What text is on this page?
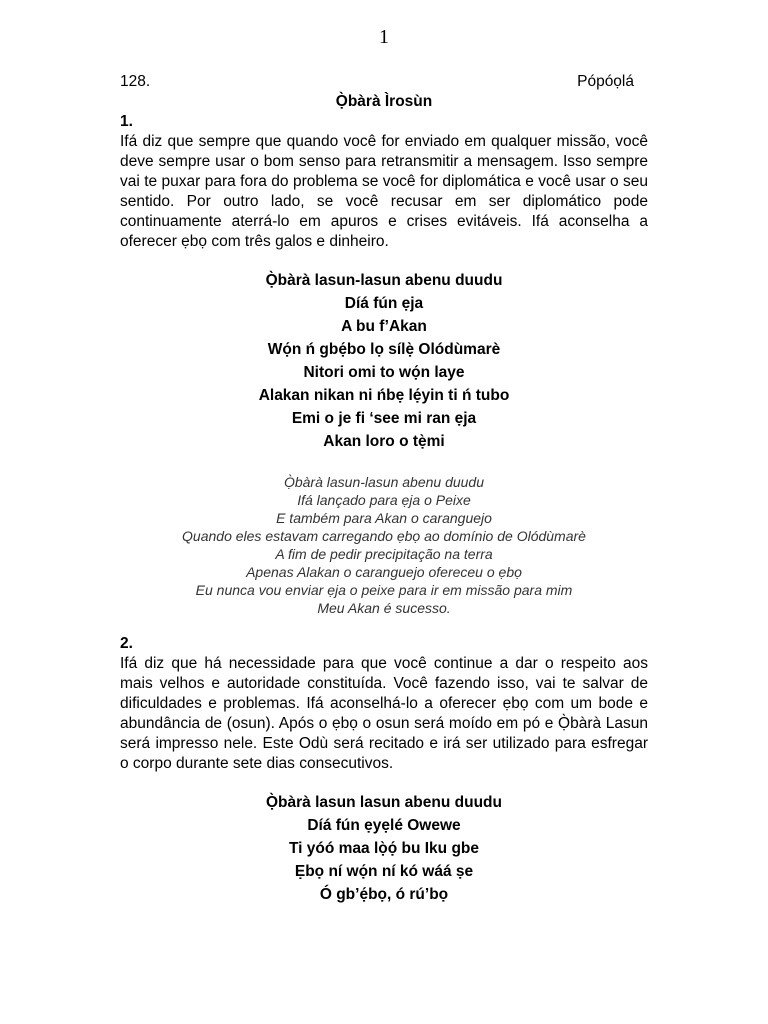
1
128.	Pópóọlá
Ọ̀bàrà Ìrosùn
1.

Ifá diz que sempre que quando você for enviado em qualquer missão, você deve sempre usar o bom senso para retransmitir a mensagem. Isso sempre vai te puxar para fora do problema se você for diplomática e você usar o seu sentido. Por outro lado, se você recusar em ser diplomático pode continuamente aterrá-lo em apuros e crises evitáveis. Ifá aconselha a oferecer ẹbọ com três galos e dinheiro.

Ọ̀bàrà lasun-lasun abenu duudu
Díá fún ẹja
A bu f’Akan
Wọ́n ń gbẹ́bo lọ sílẹ̀ Olódùmarè
Nitori omi to wọ́n laye
Alakan nikan ni ńbẹ lẹ́yin ti ń tubo
Emi o je fi ‘see mi ran ẹja
Akan loro o tẹ̀mi
Ọ̀bàrà lasun-lasun abenu duudu
Ifá lançado para ẹja o Peixe
E também para Akan o caranguejo
Quando eles estavam carregando ẹbọ ao domínio de Olódùmarè
A fim de pedir precipitação na terra
Apenas Alakan o caranguejo ofereceu o ẹbọ
Eu nunca vou enviar ẹja o peixe para ir em missão para mim
Meu Akan é sucesso.
2.

Ifá diz que há necessidade para que você continue a dar o respeito aos mais velhos e autoridade constituída. Você fazendo isso, vai te salvar de dificuldades e problemas. Ifá aconselhá-lo a oferecer ẹbọ com um bode e abundância de (osun). Após o ẹbọ o osun será moído em pó e Ọ̀bàrà Lasun será impresso nele. Este Odù será recitado e irá ser utilizado para esfregar o corpo durante sete dias consecutivos.

Ọ̀bàrà lasun lasun abenu duudu
Díá fún ẹyẹlé Owewe
Ti yóó maa lọ̀ọ́ bu Iku gbe
Ẹbọ ní wọ́n ní kó wáá ṣe
Ó gb’ẹ́bọ, ó rú’bọ
